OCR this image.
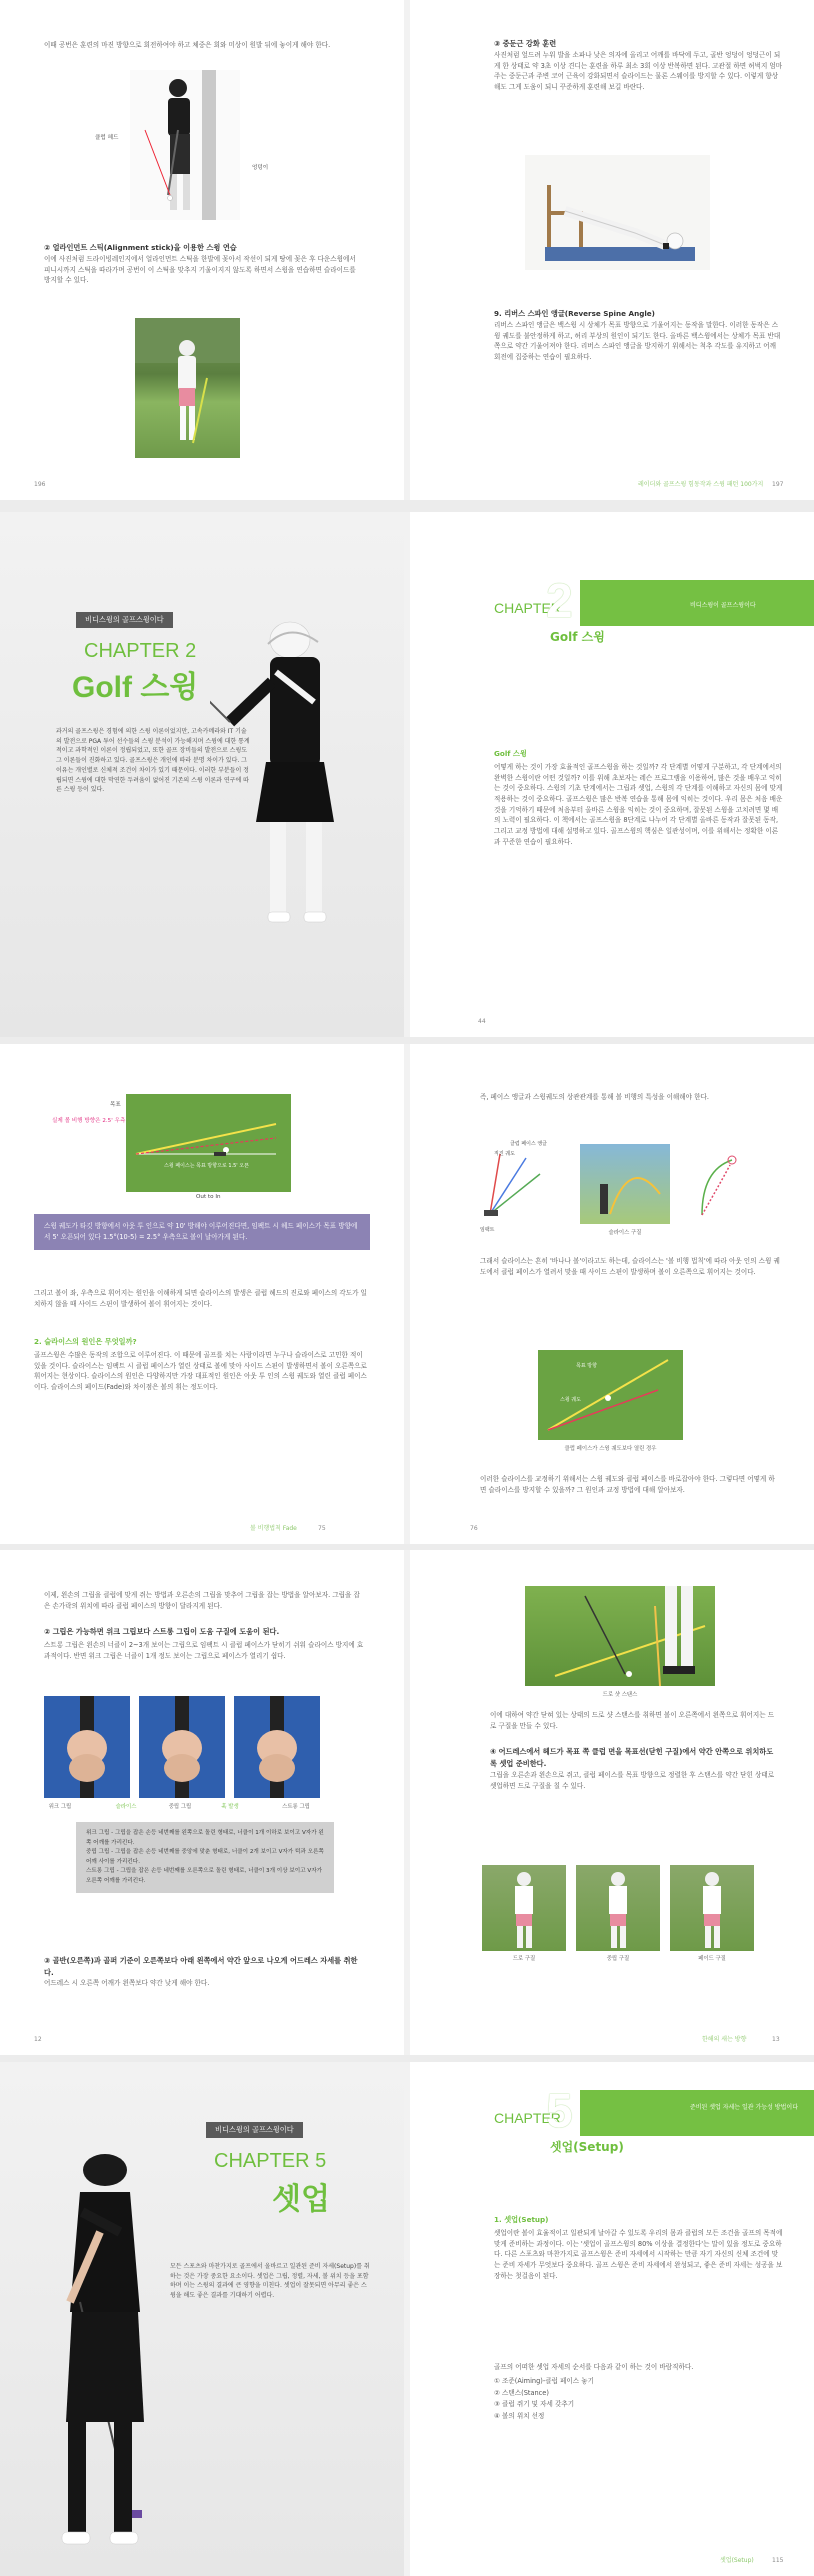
이때 공번은 훈련의 마진 방향으로 회전하여야 하고 체중은 회와 미상이 원발 뒤에 놓이게 해야 한다.
클럽 헤드
엉덩이
② 얼라인먼트 스틱(Alignment stick)을 이용한 스윙 연습
이에 사진처럼 드라이빙레인지에서 얼라인먼트 스틱을 한발에 꽂아서 작선이 되게 땅에 꽂은 후 다운스윙에서 피니시까지 스틱을 따라가며 공번이 이 스틱을 맞추지 기울이지지 않도록 하면서 스윙을 연습하면 슬라이드를 방지할 수 있다.
196
③ 중둔근 강화 훈련
사진처럼 엎드려 누워 발을 소파나 낮은 의자에 올리고 어깨를 바닥에 두고, 골반 엉덩이 엉덩근이 되게 한 상태로 약 3초 이상 견디는 훈련을 하루 최소 3회 이상 반복하면 된다. 고관절 하면 허벅지 엄마 주는 중둔근과 주변 코어 근육이 강화되면서 슬라이드는 물론 스웨이를 방지할 수 있다. 이렇게 향상해도 그게 도움이 되니 꾸준하게 훈련해 보길 바란다.
9. 리버스 스파인 앵글(Reverse Spine Angle)
리버스 스파인 앵글은 백스윙 시 상체가 목표 방향으로 기울어지는 동작을 말한다. 이러한 동작은 스윙 궤도를 불안정하게 하고, 허리 부상의 원인이 되기도 한다. 올바른 백스윙에서는 상체가 목표 반대쪽으로 약간 기울어져야 한다. 리버스 스파인 앵글을 방지하기 위해서는 척추 각도를 유지하고 어깨 회전에 집중하는 연습이 필요하다.
레이더와 골프스윙 힘동작과 스윙 패턴 100가지 197
비디스윙의 골프스윙이다
CHAPTER 2
Golf 스윙
과거의 골프스윙은 경험에 의한 스윙 이론이었지만, 고속카메라와 IT 기술의 발전으로 PGA 투어 선수들의 스윙 분석이 가능해지며 스윙에 대한 통계적이고 과학적인 이론이 정립되었고, 또한 골프 장비들의 발전으로 스윙도 그 이론들이 진화하고 있다. 골프스윙은 개인에 따라 분명 차이가 있다. 그 이유는 개인별로 신체적 조건이 차이가 있기 때문이다. 이러한 부분들이 정립되면 스윙에 대한 막연한 두려움이 없어진 기존의 스윙 이론과 연구에 따른 스윙 등이 있다.
비디스윙이 골프스윙이다
CHAPTER
2
Golf 스윙
Golf 스윙
어떻게 하는 것이 가장 효율적인 골프스윙을 하는 것일까? 각 단계별 어떻게 구분하고, 각 단계에서의 완벽한 스윙이란 어떤 것일까? 이를 위해 초보자는 레슨 프로그램을 이용하여, 많은 것을 배우고 익히는 것이 중요하다. 스윙의 기초 단계에서는 그립과 셋업, 스윙의 각 단계를 이해하고 자신의 몸에 맞게 적용하는 것이 중요하다. 골프스윙은 많은 반복 연습을 통해 몸에 익히는 것이다. 우리 몸은 처음 배운 것을 기억하기 때문에 처음부터 올바른 스윙을 익히는 것이 중요하며, 잘못된 스윙을 고치려면 몇 배의 노력이 필요하다. 이 책에서는 골프스윙을 8단계로 나누어 각 단계별 올바른 동작과 잘못된 동작, 그리고 교정 방법에 대해 설명하고 있다. 골프스윙의 핵심은 일관성이며, 이를 위해서는 정확한 이론과 꾸준한 연습이 필요하다.
44
목표
실제 볼 비행 방향은 2.5' 우측
스윙 페이스는 목표 방향으로 1.5' 오픈
Out to In
스윙 궤도가 타깃 방향에서 아웃 투 인으로 약 10' 방해야 이루어진다면, 임팩트 시 헤드 페이스가 목표 방향에서 5' 오픈되어 있다 1.5°(10-5) = 2.5° 우측으로 볼이 날아가게 된다.
그리고 볼이 좌, 우측으로 휘어지는 원인을 이해하게 되면 슬라이스의 발생은 클럽 헤드의 진로와 페이스의 각도가 일치하지 않을 때 사이드 스핀이 발생하여 볼이 휘어지는 것이다.
2. 슬라이스의 원인은 무엇일까?
골프스윙은 수많은 동작의 조합으로 이루어진다. 이 때문에 골프를 치는 사람이라면 누구나 슬라이스로 고민한 적이 있을 것이다. 슬라이스는 임팩트 시 클럽 페이스가 열린 상태로 볼에 맞아 사이드 스핀이 발생하면서 볼이 오른쪽으로 휘어지는 현상이다. 슬라이스의 원인은 다양하지만 가장 대표적인 원인은 아웃 투 인의 스윙 궤도와 열린 클럽 페이스이다. 슬라이스의 페이드(Fade)와 차이점은 볼의 휘는 정도이다.
볼 비행법칙 Fade	75
즉, 페이스 앵글과 스윙궤도의 상관관계를 통해 볼 비행의 특성을 이해해야 한다.
클럽 페이스 앵글
직진 궤도
임팩트	슬라이스 구질
그래서 슬라이스는 흔히 '바나나 볼'이라고도 하는데, 슬라이스는 '볼 비행 법칙'에 따라 아웃 인의 스윙 궤도에서 클럽 페이스가 열려서 맞을 때 사이드 스핀이 발생하며 볼이 오른쪽으로 휘어지는 것이다.
목표 방향
스윙 궤도
클럽 페이스가 스윙 궤도보다 열린 경우
이러한 슬라이스를 교정하기 위해서는 스윙 궤도와 클럽 페이스를 바로잡아야 한다. 그렇다면 어떻게 하면 슬라이스를 방지할 수 있을까? 그 원인과 교정 방법에 대해 알아보자.
76
이제, 왼손의 그립을 클럽에 맞게 쥐는 방법과 오른손의 그립을 맞추어 그립을 잡는 방법을 알아보자. 그립을 잡은 손가락의 위치에 따라 클럽 페이스의 방향이 달라지게 된다.
② 그립은 가능하면 위크 그립보다 스트롱 그립이 도움 구질에 도움이 된다.
스트롱 그립은 왼손의 너클이 2~3개 보이는 그립으로 임팩트 시 클럽 페이스가 닫히기 쉬워 슬라이스 방지에 효과적이다. 반면 위크 그립은 너클이 1개 정도 보이는 그립으로 페이스가 열리기 쉽다.
위크 그립	슬라이스	중립 그립	훅 발생	스트롱 그립
위크 그립 - 그립을 잡은 손등 네번째를 왼쪽으로 돌린 형태로, 너클이 1개 이하로 보이고 V자가 왼쪽 어깨를 가리킨다.
중립 그립 - 그립을 잡은 손등 네번째를 중앙에 맞춘 형태로, 너클이 2개 보이고 V자가 턱과 오른쪽 어깨 사이를 가리킨다.
스트롱 그립 - 그립을 잡은 손등 네번째를 오른쪽으로 돌린 형태로, 너클이 3개 이상 보이고 V자가 오른쪽 어깨를 가리킨다.
③ 골반(오른쪽)과 골퍼 기준이 오른쪽보다 아래 왼쪽에서 약간 앞으로 나오게 어드레스 자세를 취한다.
어드레스 시 오른쪽 어깨가 왼쪽보다 약간 낮게 해야 한다.
12
드로 샷 스탠스
이에 대하여 약간 닫혀 있는 상태의 드로 샷 스탠스를 취하면 볼이 오른쪽에서 왼쪽으로 휘어지는 드로 구질을 만들 수 있다.
④ 어드레스에서 헤드가 목표 쪽 클럽 면을 목표선(닫힌 구질)에서 약간 안쪽으로 위치하도록 셋업 준비한다.
그립을 오른손과 왼손으로 쥐고, 클럽 페이스를 목표 방향으로 정렬한 후 스탠스를 약간 닫힌 상태로 셋업하면 드로 구질을 칠 수 있다.
드로 구질	중립 구질	페이드 구질
한해의 새는 방향	13
비디스윙의 골프스윙이다
CHAPTER 5
셋업
모든 스포츠와 마찬가지로 골프에서 올바르고 일관된 준비 자세(Setup)를 취하는 것은 가장 중요한 요소이다. 셋업은 그립, 정렬, 자세, 볼 위치 등을 포함하며 이는 스윙의 결과에 큰 영향을 미친다. 셋업이 잘못되면 아무리 좋은 스윙을 해도 좋은 결과를 기대하기 어렵다.
준비된 셋업 자세는 일관 가능성 방법이다
CHAPTER
5
셋업(Setup)
1. 셋업(Setup)
셋업이란 볼이 효율적이고 일관되게 날아갈 수 있도록 우리의 몸과 클럽의 모든 조건을 골프의 목적에 맞게 준비하는 과정이다. 이는 '셋업이 골프스윙의 80% 이상을 결정한다'는 말이 있을 정도로 중요하다. 다른 스포츠와 마찬가지로 골프스윙은 준비 자세에서 시작하는 만큼 자기 자신의 신체 조건에 맞는 준비 자세가 무엇보다 중요하다. 골프 스윙은 준비 자세에서 완성되고, 좋은 준비 자세는 성공을 보장하는 첫걸음이 된다.
골프의 어떠한 셋업 자세의 순서를 다음과 같이 하는 것이 바람직하다.

① 조준(Aiming)-클럽 페이스 놓기

② 스탠스(Stance)

③ 클럽 쥐기 및 자세 갖추기

④ 볼의 위치 선정

셋업(Setup)	115
